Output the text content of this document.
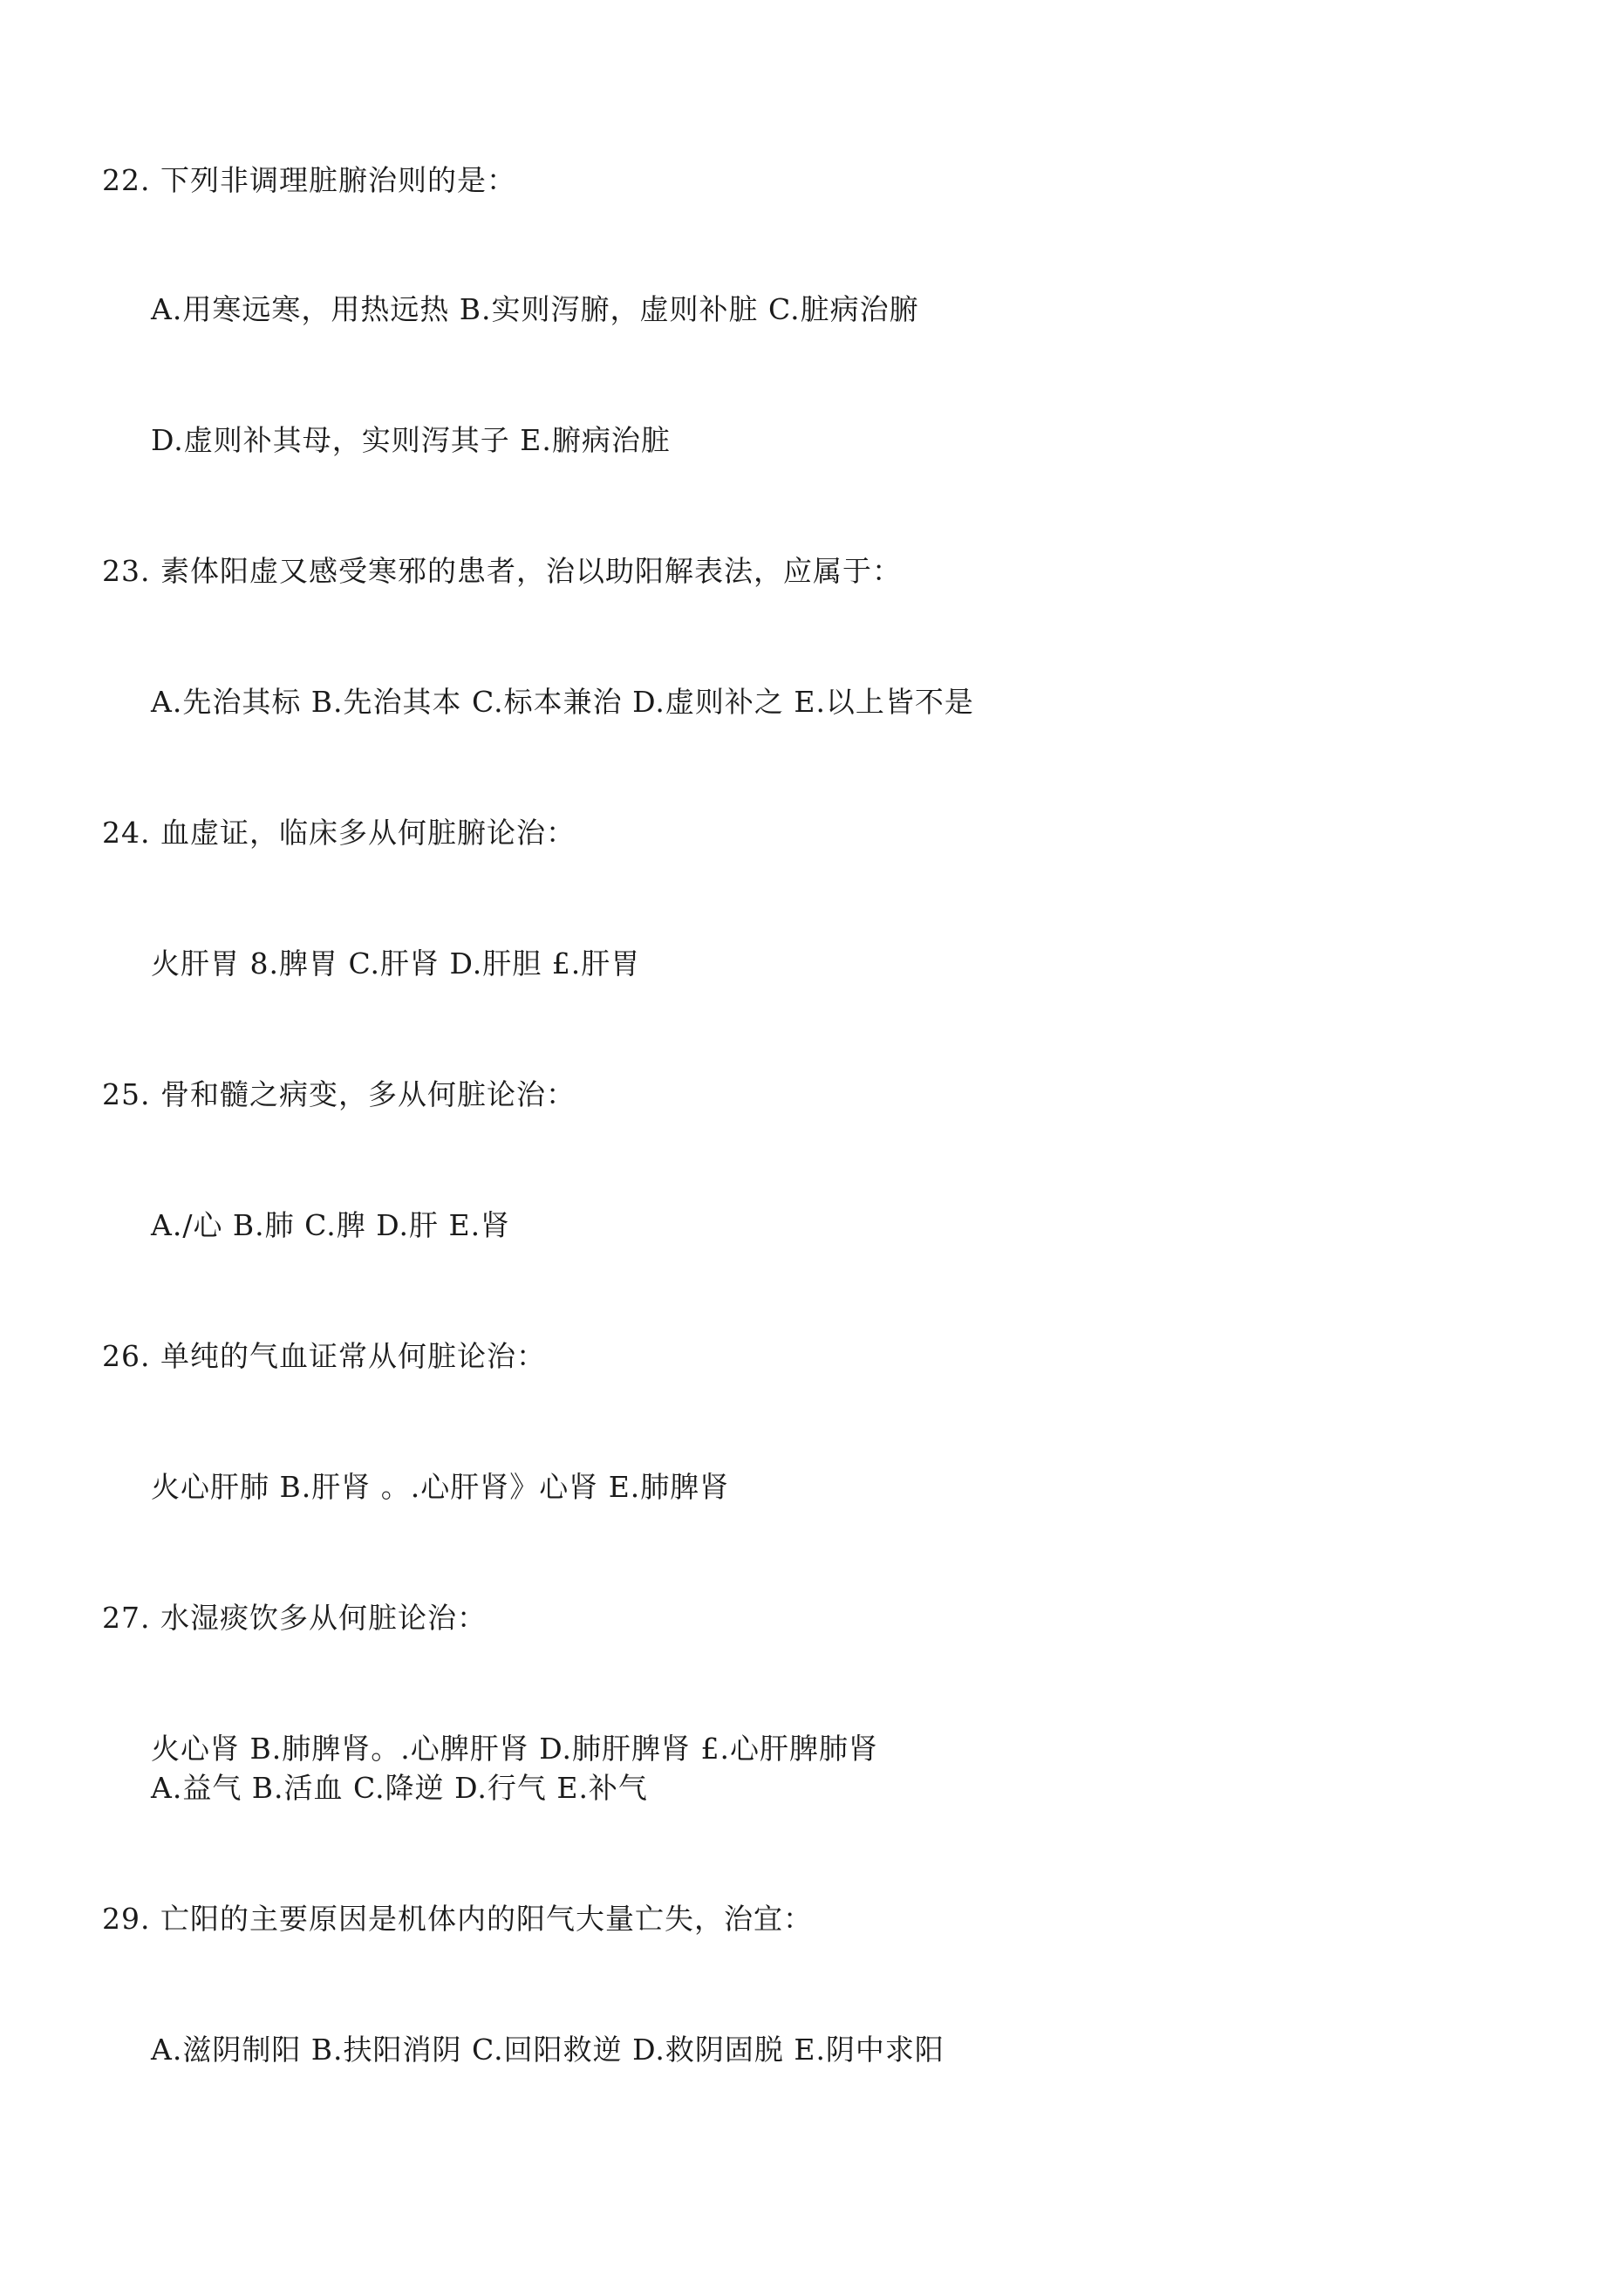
22. 下列非调理脏腑治则的是：
A.用寒远寒，用热远热 B.实则泻腑，虚则补脏 C.脏病治腑
D.虚则补其母，实则泻其子 E.腑病治脏
23. 素体阳虚又感受寒邪的患者，治以助阳解表法，应属于：
A.先治其标 B.先治其本 C.标本兼治 D.虚则补之 E.以上皆不是
24. 血虚证，临床多从何脏腑论治：
火肝胃 8.脾胃 C.肝肾 D.肝胆 £.肝胃
25. 骨和髓之病变，多从何脏论治：
A./心 B.肺 C.脾 D.肝 E.肾
26. 单纯的气血证常从何脏论治：
火心肝肺 B.肝肾 。.心肝肾》心肾 E.肺脾肾
27. 水湿痰饮多从何脏论治：
火心肾 B.肺脾肾。.心脾肝肾 D.肺肝脾肾 £.心肝脾肺肾
A.益气 B.活血 C.降逆 D.行气 E.补气
29. 亡阳的主要原因是机体内的阳气大量亡失，治宜：
A.滋阴制阳 B.扶阳消阴 C.回阳救逆 D.救阴固脱 E.阴中求阳
